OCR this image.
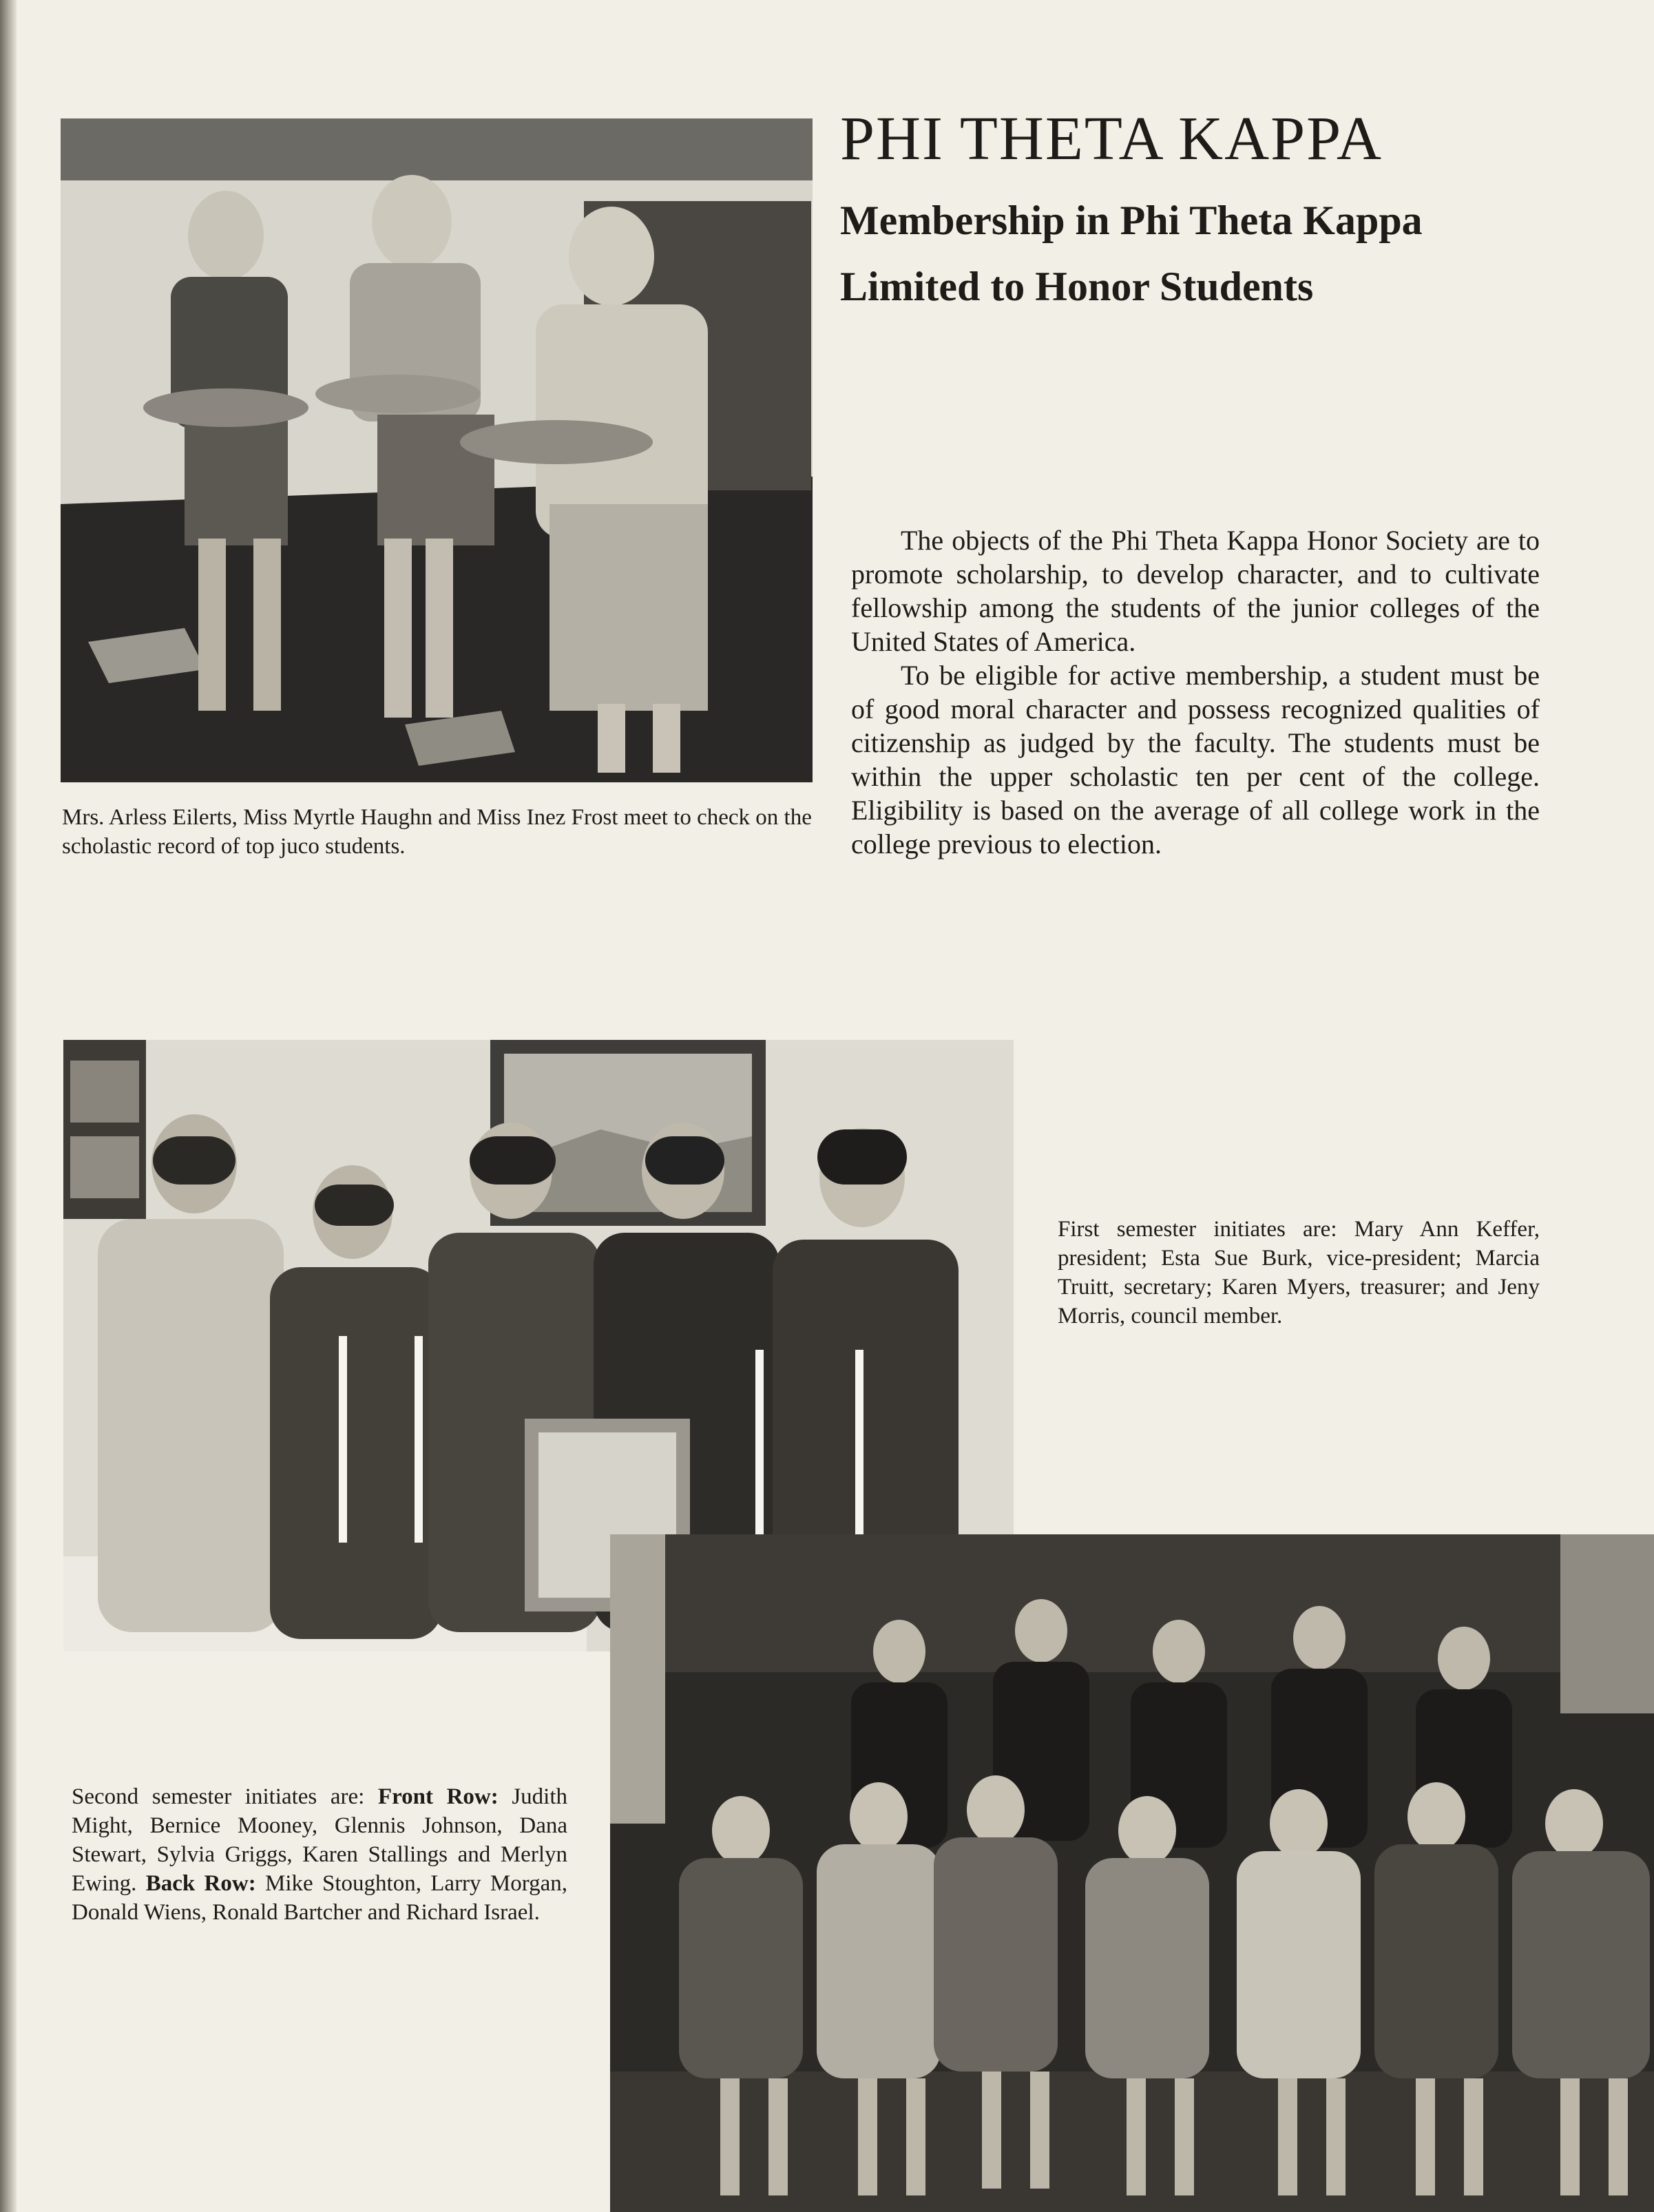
PHI THETA KAPPA
Membership in Phi Theta Kappa
Limited to Honor Students

The objects of the Phi Theta Kappa Honor Society are to promote scholarship, to develop character, and to cultivate fellowship among the students of the junior colleges of the United States of America.

To be eligible for active membership, a student must be of good moral character and possess recognized qualities of citizenship as judged by the faculty. The students must be within the upper scholastic ten per cent of the college. Eligibility is based on the average of all college work in the college previous to election.

Mrs. Arless Eilerts, Miss Myrtle Haughn and Miss Inez Frost meet to check on the scholastic record of top juco students.

First semester initiates are: Mary Ann Keffer, president; Esta Sue Burk, vice-president; Marcia Truitt, secretary; Karen Myers, treasurer; and Jeny Morris, council member.

Second semester initiates are: Front Row: Judith Might, Bernice Mooney, Glennis Johnson, Dana Stewart, Sylvia Griggs, Karen Stallings and Merlyn Ewing. Back Row: Mike Stoughton, Larry Morgan, Donald Wiens, Ronald Bartcher and Richard Israel.
